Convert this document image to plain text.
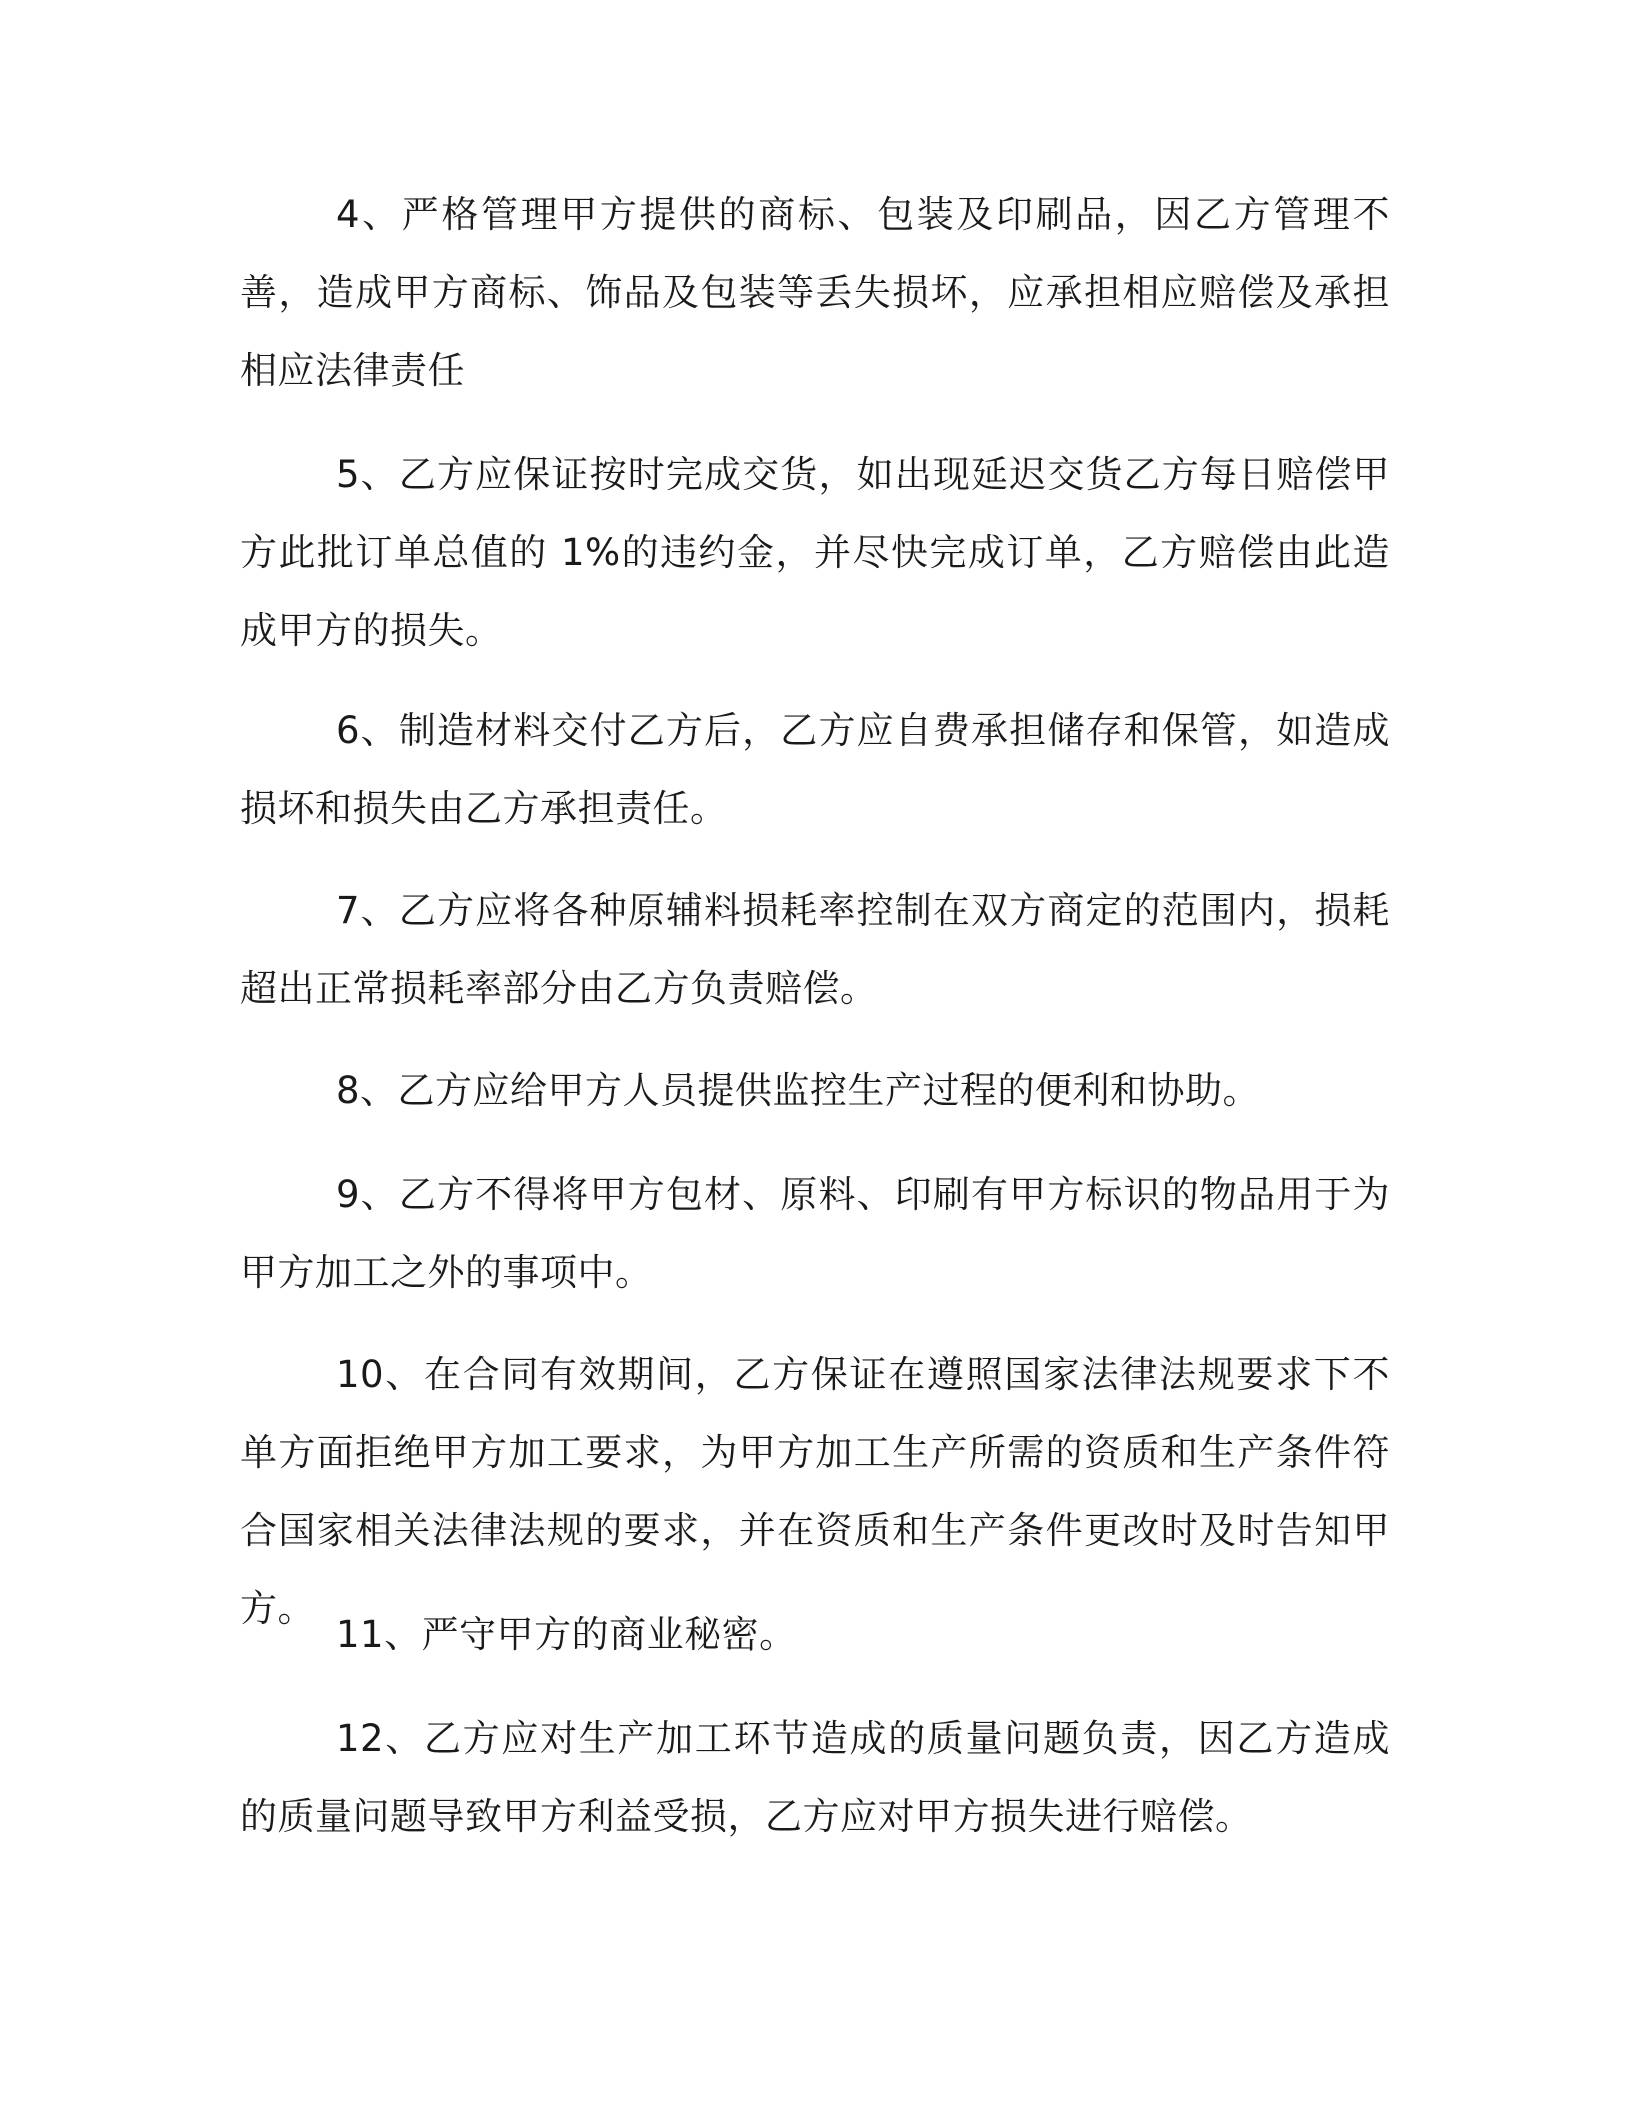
4、严格管理甲方提供的商标、包装及印刷品，因乙方管理不善，造成甲方商标、饰品及包装等丢失损坏，应承担相应赔偿及承担相应法律责任

5、乙方应保证按时完成交货，如出现延迟交货乙方每日赔偿甲方此批订单总值的 1%的违约金，并尽快完成订单，乙方赔偿由此造成甲方的损失。

6、制造材料交付乙方后，乙方应自费承担储存和保管，如造成损坏和损失由乙方承担责任。

7、乙方应将各种原辅料损耗率控制在双方商定的范围内，损耗超出正常损耗率部分由乙方负责赔偿。

8、乙方应给甲方人员提供监控生产过程的便利和协助。

9、乙方不得将甲方包材、原料、印刷有甲方标识的物品用于为甲方加工之外的事项中。

10、在合同有效期间，乙方保证在遵照国家法律法规要求下不单方面拒绝甲方加工要求，为甲方加工生产所需的资质和生产条件符合国家相关法律法规的要求，并在资质和生产条件更改时及时告知甲方。

11、严守甲方的商业秘密。

12、乙方应对生产加工环节造成的质量问题负责，因乙方造成的质量问题导致甲方利益受损，乙方应对甲方损失进行赔偿。
